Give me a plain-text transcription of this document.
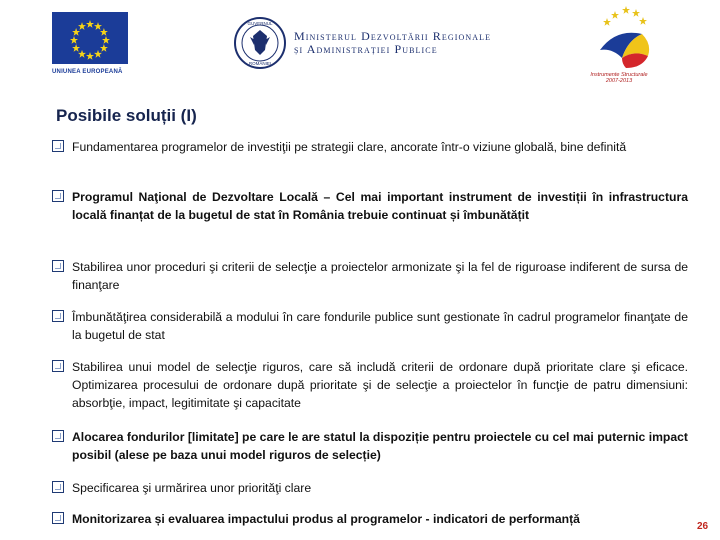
UNIUNEA EUROPEANĂ
GUVERNUL
ROMÂNIEI
Ministerul Dezvoltării Regionale
și Administrației Publice
Instrumente Structurale 2007-2013
Posibile soluții (I)
Fundamentarea programelor de investiţii pe strategii clare, ancorate într-o viziune globală, bine definită
Programul Naţional de Dezvoltare Locală – Cel mai important instrument de investiții în infrastructura locală finanțat de la bugetul de stat în România trebuie continuat și îmbunătățit
Stabilirea unor proceduri şi criterii de selecţie a proiectelor armonizate şi la fel de riguroase indiferent de sursa de finanţare
Îmbunătăţirea considerabilă a modului în care fondurile publice sunt gestionate în cadrul programelor finanţate de la bugetul de stat
Stabilirea unui model de selecţie riguros, care să includă criterii de ordonare după prioritate clare şi eficace. Optimizarea procesului de ordonare după prioritate şi de selecţie a proiectelor în funcţie de patru dimensiuni: absorbţie, impact, legitimitate şi capacitate
Alocarea fondurilor [limitate] pe care le are statul la dispoziție pentru proiectele cu cel mai puternic impact posibil (alese pe baza unui model riguros de selecție)
Specificarea şi urmărirea unor priorităţi clare
Monitorizarea și evaluarea impactului produs al programelor - indicatori de performanță
26
